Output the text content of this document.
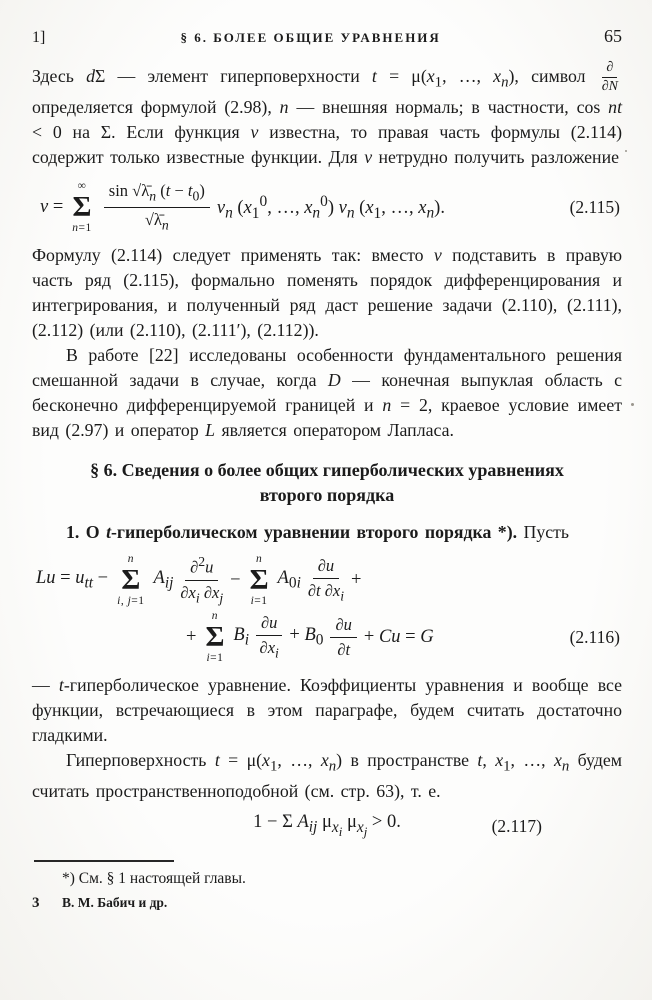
1]	§ 6. БОЛЕЕ ОБЩИЕ УРАВНЕНИЯ	65

Здесь dΣ — элемент гиперповерхности $t = \mu(x_1$, …, $x_n$), символ $\frac{\partial}{\partial N}$
определяется формулой (2.98), n — внешняя нормаль; в частности, cos nt < 0 на Σ. Если функция v известна, то правая часть формулы (2.114) содержит только известные функции. Для v нетрудно получить разложение

v =
∞
Σ
$n=1 \frac{\sin √\lambdā_n (t - t_0)}{√\lambdā_n} v_n$ ($x_1^0$, …, $x_n^0$) $v_n$ ($x_1$, …, $x_n$).	(2.115)

Формулу (2.114) следует применять так: вместо v подставить в правую часть ряд (2.115), формально поменять порядок дифференцирования и интегрирования, и полученный ряд даст решение задачи (2.110), (2.111), (2.112) (или (2.110), (2.111′), (2.112)).

В работе [22] исследованы особенности фундаментального решения смешанной задачи в случае, когда D — конечная выпуклая область с бесконечно дифференцируемой границей и n = 2, краевое условие имеет вид (2.97) и оператор L является оператором Лапласа.

§ 6. Сведения о более общих гиперболических уравнениях
второго порядка

1. О t-гиперболическом уравнении второго порядка *). Пусть

$Lu = u_{tt}$ −
n
Σ
i, j=1
$A_{ij} \frac{\partial^2u}{\partial x_i \partial x_j}$ −
n
Σ
i=1
$A_{0i} \frac{\partial u}{\partial t \partial x_i}$ +
+
n
Σ
i=1
$B_i \frac{\partial u}{\partial x_i} + B_0 \frac{\partial u}{\partial t} + Cu = G$	(2.116)

— t-гиперболическое уравнение. Коэффициенты уравнения и вообще все функции, встречающиеся в этом параграфе, будем считать достаточно гладкими.

Гиперповерхность $t = \mu(x_1$, …, $x_n$) в пространстве t, $x_1$, …, $x_n$ будем считать пространственноподобной (см. стр. 63), т. е.

1 − Σ $A_{ij}$ $\mu_{x_i}$ $\mu_{x_j} > 0$.	(2.117)

*) См. § 1 настоящей главы.

3	В. М. Бабич и др.
